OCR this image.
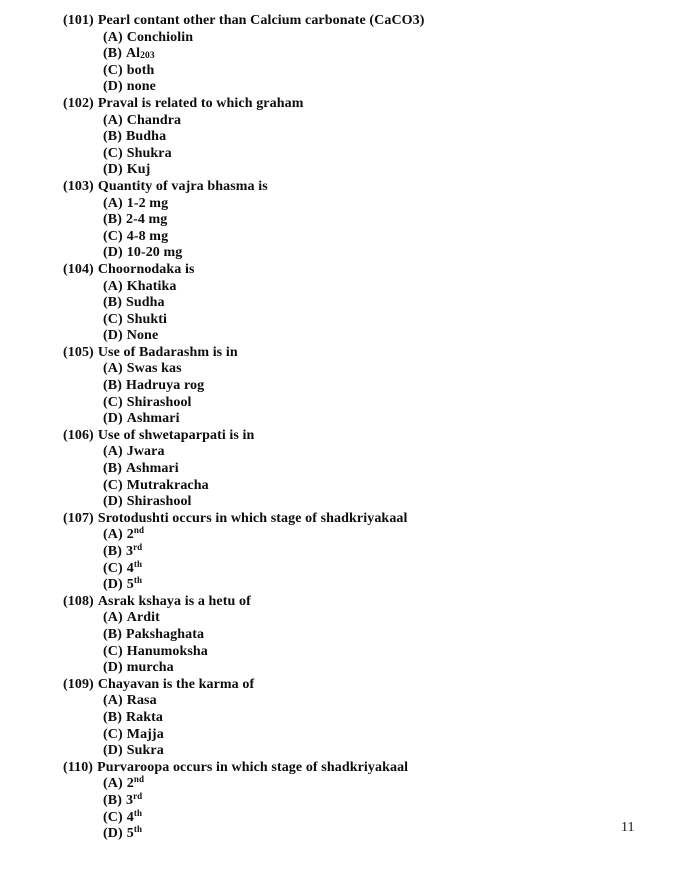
(101) Pearl contant other than Calcium carbonate (CaCO3)
(A) Conchiolin
(B) $Al_{203}$
(C) both
(D) none
(102) Praval is related to which graham
(A) Chandra
(B) Budha
(C) Shukra
(D) Kuj
(103) Quantity of vajra bhasma is
(A) 1-2 mg
(B) 2-4 mg
(C) 4-8 mg
(D) 10-20 mg
(104) Choornodaka is
(A) Khatika
(B) Sudha
(C) Shukti
(D) None
(105) Use of Badarashm is in
(A) Swas kas
(B) Hadruya rog
(C) Shirashool
(D) Ashmari
(106) Use of shwetaparpati is in
(A) Jwara
(B) Ashmari
(C) Mutrakracha
(D) Shirashool
(107) Srotodushti occurs in which stage of shadkriyakaal
(A) 2nd
(B) 3rd
(C) 4th
(D) 5th
(108) Asrak kshaya is a hetu of
(A) Ardit
(B) Pakshaghata
(C) Hanumoksha
(D) murcha
(109) Chayavan is the karma of
(A) Rasa
(B) Rakta
(C) Majja
(D) Sukra
(110) Purvaroopa occurs in which stage of shadkriyakaal
(A) 2nd
(B) 3rd
(C) 4th
(D) 5th	11
